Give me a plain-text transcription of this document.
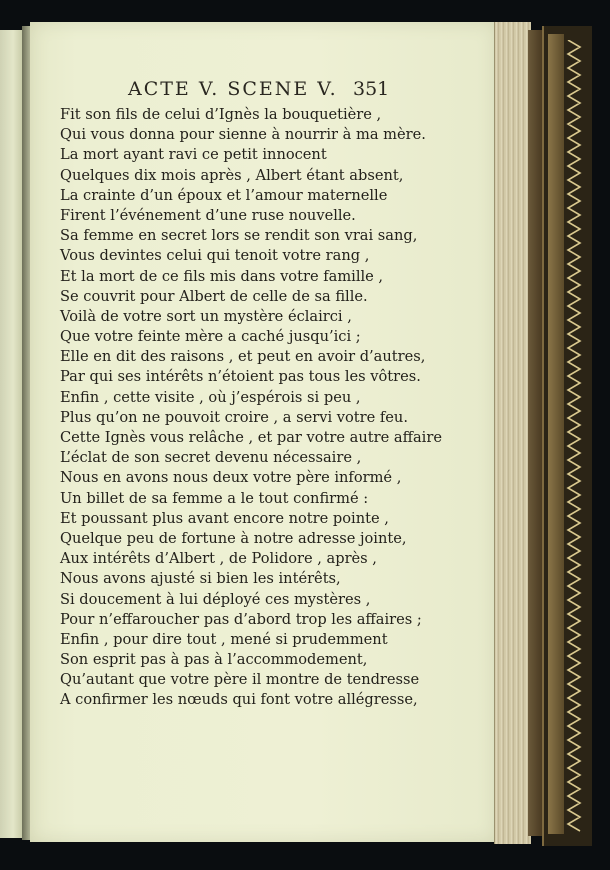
ACTE V. SCENE V. 351
Fit son fils de celui d’Ignès la bouquetière ,
Qui vous donna pour sienne à nourrir à ma mère.
La mort ayant ravi ce petit innocent
Quelques dix mois après , Albert étant absent,
La crainte d’un époux et l’amour maternelle
Firent l’événement d’une ruse nouvelle.
Sa femme en secret lors se rendit son vrai sang,
Vous devintes celui qui tenoit votre rang ,
Et la mort de ce fils mis dans votre famille ,
Se couvrit pour Albert de celle de sa fille.
Voilà de votre sort un mystère éclairci ,
Que votre feinte mère a caché jusqu’ici ;
Elle en dit des raisons , et peut en avoir d’autres,
Par qui ses intérêts n’étoient pas tous les vôtres.
Enfin , cette visite , où j’espérois si peu ,
Plus qu’on ne pouvoit croire , a servi votre feu.
Cette Ignès vous relâche , et par votre autre affaire
L’éclat de son secret devenu nécessaire ,
Nous en avons nous deux votre père informé ,
Un billet de sa femme a le tout confirmé :
Et poussant plus avant encore notre pointe ,
Quelque peu de fortune à notre adresse jointe,
Aux intérêts d’Albert , de Polidore , après ,
Nous avons ajusté si bien les intérêts,
Si doucement à lui déployé ces mystères ,
Pour n’effaroucher pas d’abord trop les affaires ;
Enfin , pour dire tout , mené si prudemment
Son esprit pas à pas à l’accommodement,
Qu’autant que votre père il montre de tendresse
A confirmer les nœuds qui font votre allégresse,
